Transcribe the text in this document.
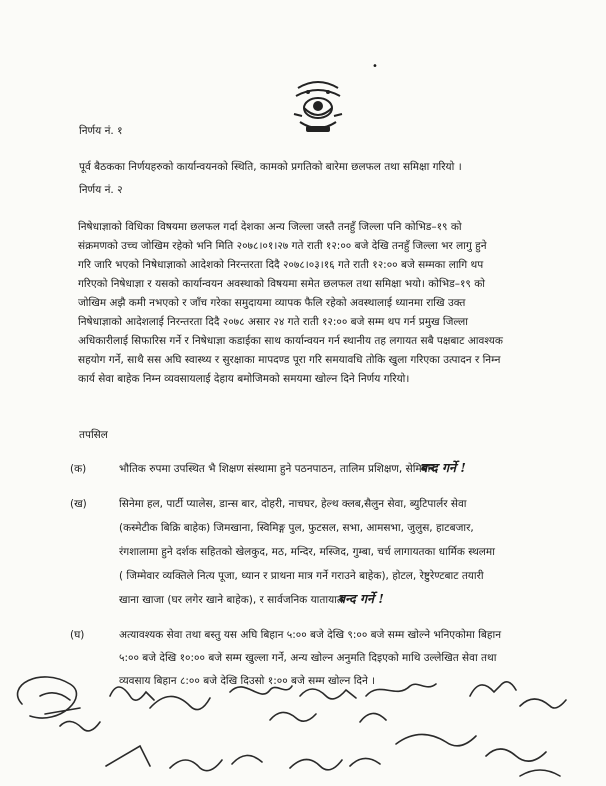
•
निर्णय नं. १
पूर्व बैठकका निर्णयहरुको कार्यान्वयनको स्थिति, कामको प्रगतिको बारेमा छलफल तथा समिक्षा गरियो ।
निर्णय नं. २
निषेधाज्ञाको विधिका विषयमा छलफल गर्दा देशका अन्य जिल्ला जस्तै तनहुँ जिल्ला पनि कोभिड–१९ को
संक्रमणको उच्च जोखिम रहेको भनि मिति २०७८।०१।२७ गते राती १२:०० बजे देखि तनहुँ जिल्ला भर लागु हुने
गरि जारि भएको निषेधाज्ञाको आदेशको निरन्तरता दिदै २०७८।०३।१६ गते राती १२:०० बजे सम्मका लागि थप
गरिएको निषेधाज्ञा र यसको कार्यान्वयन अवस्थाको विषयमा समेत छलफल तथा समिक्षा भयो। कोभिड–१९ को
जोखिम अझै कमी नभएको र जाँच गरेका समुदायमा व्यापक फैलि रहेको अवस्थालाई ध्यानमा राखि उक्त
निषेधाज्ञाको आदेशलाई निरन्तरता दिदै २०७८ असार २४ गते राती १२:०० बजे सम्म थप गर्न प्रमुख जिल्ला
अधिकारीलाई सिफारिस गर्ने र निषेधाज्ञा कडाईका साथ कार्यान्वयन गर्न स्थानीय तह लगायत सबै पक्षबाट आवश्यक
सहयोग गर्ने, साथै सस अघि स्वास्थ्य र सुरक्षाका मापदण्ड पूरा गरि समयावधि तोकि खुला गरिएका उत्पादन र निम्न
कार्य सेवा बाहेक निम्न व्यवसायलाई देहाय बमोजिमको समयमा खोल्न दिने निर्णय गरियो।
तपसिल
(क)	भौतिक रुपमा उपस्थित भै शिक्षण संस्थामा हुने पठनपाठन, तालिम प्रशिक्षण, सेमिनार
बन्द गर्ने !
(ख)	सिनेमा हल, पार्टी प्यालेस, डान्स बार, दोहरी, नाचघर, हेल्थ क्लब,सैलुन सेवा, ब्युटिपार्लर सेवा
(कस्मेटीक बिक्रि बाहेक) जिमखाना, स्विमिङ्ग पुल, फुटसल, सभा, आमसभा, जुलुस, हाटबजार,
रंगशालामा हुने दर्शक सहितको खेलकुद, मठ, मन्दिर, मस्जिद, गुम्बा, चर्च लागायतका धार्मिक स्थलमा
( जिम्मेवार व्यक्तिले नित्य पूजा, ध्यान र प्राथना मात्र गर्ने गराउने बाहेक), होटल, रेष्टुरेण्टबाट तयारी
खाना खाजा (घर लगेर खाने बाहेक), र सार्वजनिक यातायात
बन्द गर्ने !
(घ)	अत्यावश्यक सेवा तथा बस्तु यस अघि बिहान ५:०० बजे देखि ९:०० बजे सम्म खोल्ने भनिएकोमा बिहान
५:०० बजे देखि १०:०० बजे सम्म खुल्ला गर्ने, अन्य खोल्न अनुमति दिइएको माथि उल्लेखित सेवा तथा
व्यवसाय बिहान ८:०० बजे देखि दिउसो १:०० बजे सम्म खोल्न दिने ।
